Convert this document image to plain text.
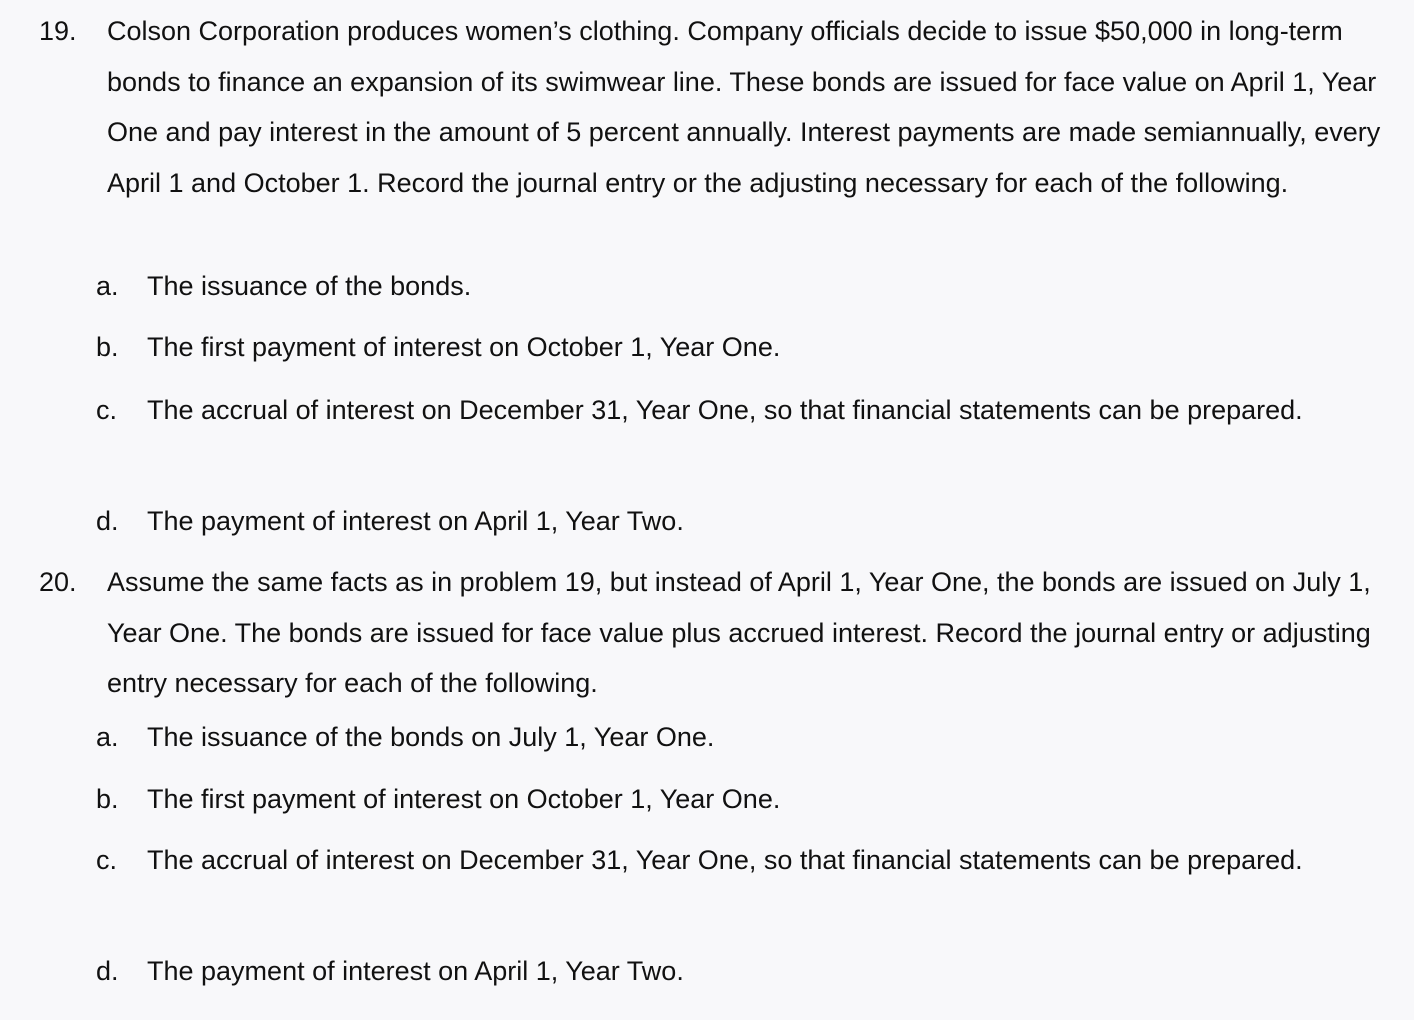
19. Colson Corporation produces women’s clothing. Company officials decide to issue $50,000 in long-term bonds to finance an expansion of its swimwear line. These bonds are issued for face value on April 1, Year One and pay interest in the amount of 5 percent annually. Interest payments are made semiannually, every April 1 and October 1. Record the journal entry or the adjusting necessary for each of the following.

a. The issuance of the bonds.

b. The first payment of interest on October 1, Year One.

c. The accrual of interest on December 31, Year One, so that financial statements can be prepared.

d. The payment of interest on April 1, Year Two.

20. Assume the same facts as in problem 19, but instead of April 1, Year One, the bonds are issued on July 1, Year One. The bonds are issued for face value plus accrued interest. Record the journal entry or adjusting entry necessary for each of the following.

a. The issuance of the bonds on July 1, Year One.

b. The first payment of interest on October 1, Year One.

c. The accrual of interest on December 31, Year One, so that financial statements can be prepared.

d. The payment of interest on April 1, Year Two.
